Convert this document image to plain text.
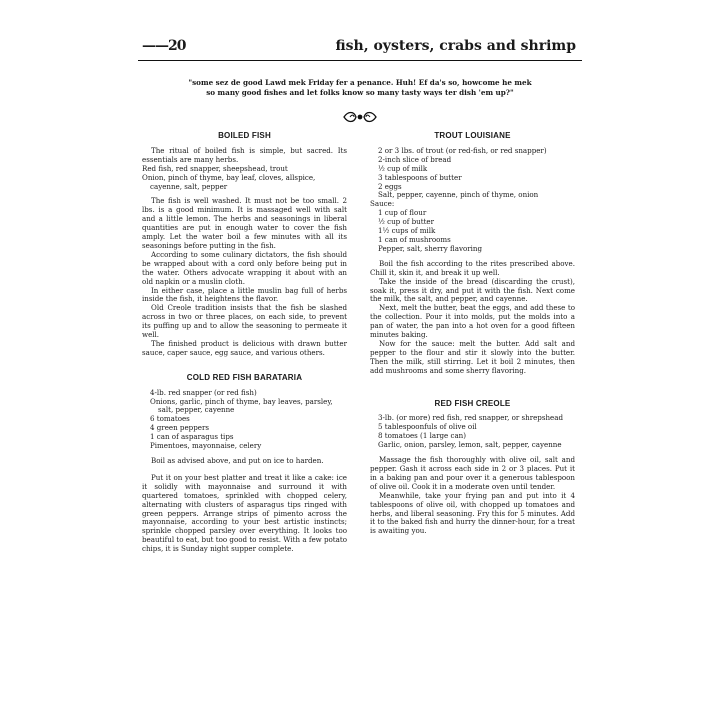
——20	fish, oysters, crabs and shrimp
"some sez de good Lawd mek Friday fer a penance. Huh! Ef da's so, howcome he mek
so many good fishes and let folks know so many tasty ways ter dish 'em up?"
BOILED FISH

The ritual of boiled fish is simple, but sacred. Its essentials are many herbs.

Red fish, red snapper, sheepshead, trout
Onion, pinch of thyme, bay leaf, cloves, allspice, cayenne, salt, pepper

The fish is well washed. It must not be too small. 2 lbs. is a good minimum. It is massaged well with salt and a little lemon. The herbs and seasonings in liberal quantities are put in enough water to cover the fish amply. Let the water boil a few minutes with all its seasonings before putting in the fish.

According to some culinary dictators, the fish should be wrapped about with a cord only before being put in the water. Others advocate wrapping it about with an old napkin or a muslin cloth.

In either case, place a little muslin bag full of herbs inside the fish, it heightens the flavor.

Old Creole tradition insists that the fish be slashed across in two or three places, on each side, to prevent its puffing up and to allow the seasoning to permeate it well.

The finished product is delicious with drawn butter sauce, caper sauce, egg sauce, and various others.

COLD RED FISH BARATARIA
4-lb. red snapper (or red fish)
Onions, garlic, pinch of thyme, bay leaves, parsley, salt, pepper, cayenne
6 tomatoes
4 green peppers
1 can of asparagus tips
Pimentoes, mayonnaise, celery

Boil as advised above, and put on ice to harden.

Put it on your best platter and treat it like a cake: ice it solidly with mayonnaise and surround it with quartered tomatoes, sprinkled with chopped celery, alternating with clusters of asparagus tips ringed with green peppers. Arrange strips of pimento across the mayonnaise, according to your best artistic instincts; sprinkle chopped parsley over everything. It looks too beautiful to eat, but too good to resist. With a few potato chips, it is Sunday night supper complete.

TROUT LOUISIANE
2 or 3 lbs. of trout (or red-fish, or red snapper)
2-inch slice of bread
½ cup of milk
3 tablespoons of butter
2 eggs
Salt, pepper, cayenne, pinch of thyme, onion
Sauce:
1 cup of flour
½ cup of butter
1½ cups of milk
1 can of mushrooms
Pepper, salt, sherry flavoring

Boil the fish according to the rites prescribed above. Chill it, skin it, and break it up well.

Take the inside of the bread (discarding the crust), soak it, press it dry, and put it with the fish. Next come the milk, the salt, and pepper, and cayenne.

Next, melt the butter, beat the eggs, and add these to the collection. Pour it into molds, put the molds into a pan of water, the pan into a hot oven for a good fifteen minutes baking.

Now for the sauce: melt the butter. Add salt and pepper to the flour and stir it slowly into the butter. Then the milk, still stirring. Let it boil 2 minutes, then add mushrooms and some sherry flavoring.

RED FISH CREOLE
3-lb. (or more) red fish, red snapper, or shrepshead
5 tablespoonfuls of olive oil
8 tomatoes (1 large can)
Garlic, onion, parsley, lemon, salt, pepper, cayenne

Massage the fish thoroughly with olive oil, salt and pepper. Gash it across each side in 2 or 3 places. Put it in a baking pan and pour over it a generous tablespoon of olive oil. Cook it in a moderate oven until tender.

Meanwhile, take your frying pan and put into it 4 tablespoons of olive oil, with chopped up tomatoes and herbs, and liberal seasoning. Fry this for 5 minutes. Add it to the baked fish and hurry the dinner-hour, for a treat is awaiting you.
